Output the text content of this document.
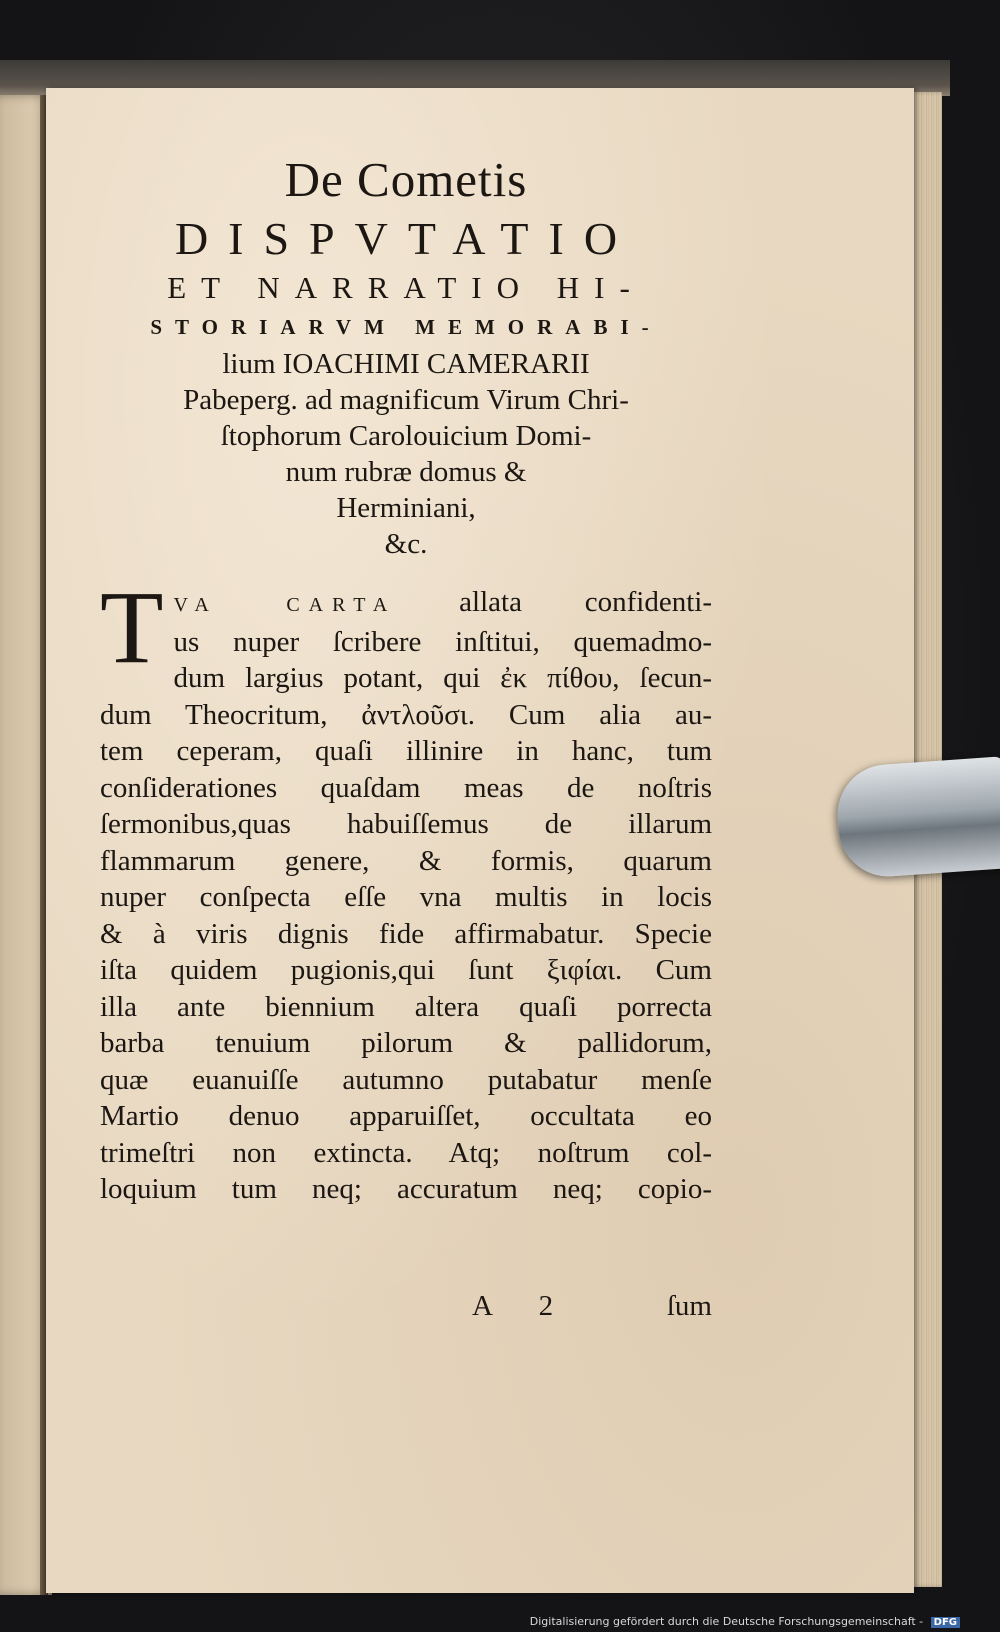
De Cometis
DISPVTATIO
ET NARRATIO HI-
STORIARVM MEMORABI-
lium IOACHIMI CAMERARII
Pabeperg. ad magnificum Virum Chri-
ſtophorum Carolouicium Domi-
num rubræ domus &
Herminiani,
&c.
T VA CARTA allata confidenti-
us nuper ſcribere inſtitui, quemadmo-
dum largius potant, qui ἐκ πίθου, ſecun-
dum Theocritum, ἀντλοῦσι. Cum alia au-
tem ceperam, quaſi illinire in hanc, tum
conſiderationes quaſdam meas de noſtris
ſermonibus,quas habuiſſemus de illarum
flammarum genere, & formis, quarum
nuper conſpecta eſſe vna multis in locis
& à viris dignis fide affirmabatur. Specie
iſta quidem pugionis,qui ſunt ξιφίαι. Cum
illa ante biennium altera quaſi porrecta
barba tenuium pilorum & pallidorum,
quæ euanuiſſe autumno putabatur menſe
Martio denuo apparuiſſet, occultata eo
trimeſtri non extincta. Atq; noſtrum col-
loquium tum neq; accuratum neq; copio-
A 2	ſum
Digitalisierung gefördert durch die Deutsche Forschungsgemeinschaft - DFG
